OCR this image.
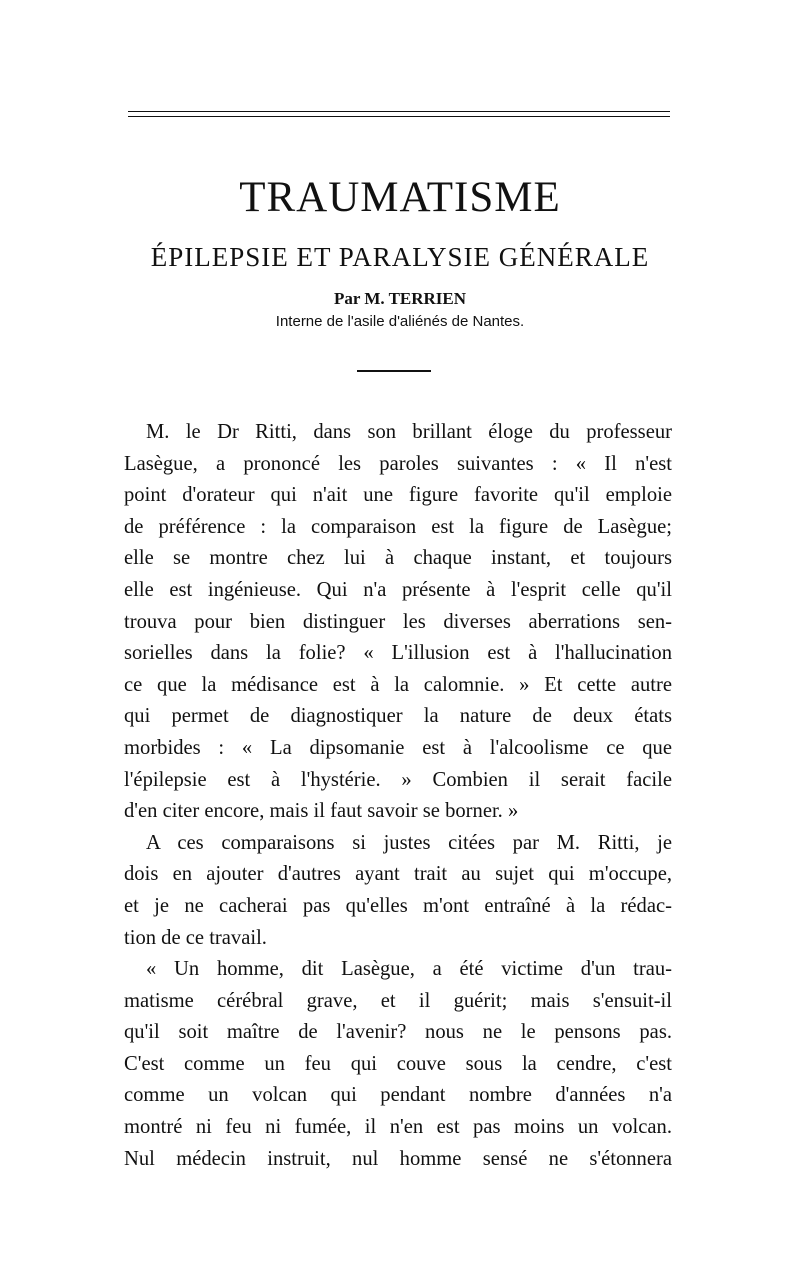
TRAUMATISME
ÉPILEPSIE ET PARALYSIE GÉNÉRALE
Par M. TERRIEN
Interne de l'asile d'aliénés de Nantes.
M. le Dr Ritti, dans son brillant éloge du professeur
Lasègue, a prononcé les paroles suivantes : « Il n'est
point d'orateur qui n'ait une figure favorite qu'il emploie
de préférence : la comparaison est la figure de Lasègue;
elle se montre chez lui à chaque instant, et toujours
elle est ingénieuse. Qui n'a présente à l'esprit celle qu'il
trouva pour bien distinguer les diverses aberrations sen-
sorielles dans la folie? « L'illusion est à l'hallucination
ce que la médisance est à la calomnie. » Et cette autre
qui permet de diagnostiquer la nature de deux états
morbides : « La dipsomanie est à l'alcoolisme ce que
l'épilepsie est à l'hystérie. » Combien il serait facile
d'en citer encore, mais il faut savoir se borner. »
A ces comparaisons si justes citées par M. Ritti, je
dois en ajouter d'autres ayant trait au sujet qui m'occupe,
et je ne cacherai pas qu'elles m'ont entraîné à la rédac-
tion de ce travail.
« Un homme, dit Lasègue, a été victime d'un trau-
matisme cérébral grave, et il guérit; mais s'ensuit-il
qu'il soit maître de l'avenir? nous ne le pensons pas.
C'est comme un feu qui couve sous la cendre, c'est
comme un volcan qui pendant nombre d'années n'a
montré ni feu ni fumée, il n'en est pas moins un volcan.
Nul médecin instruit, nul homme sensé ne s'étonnera
